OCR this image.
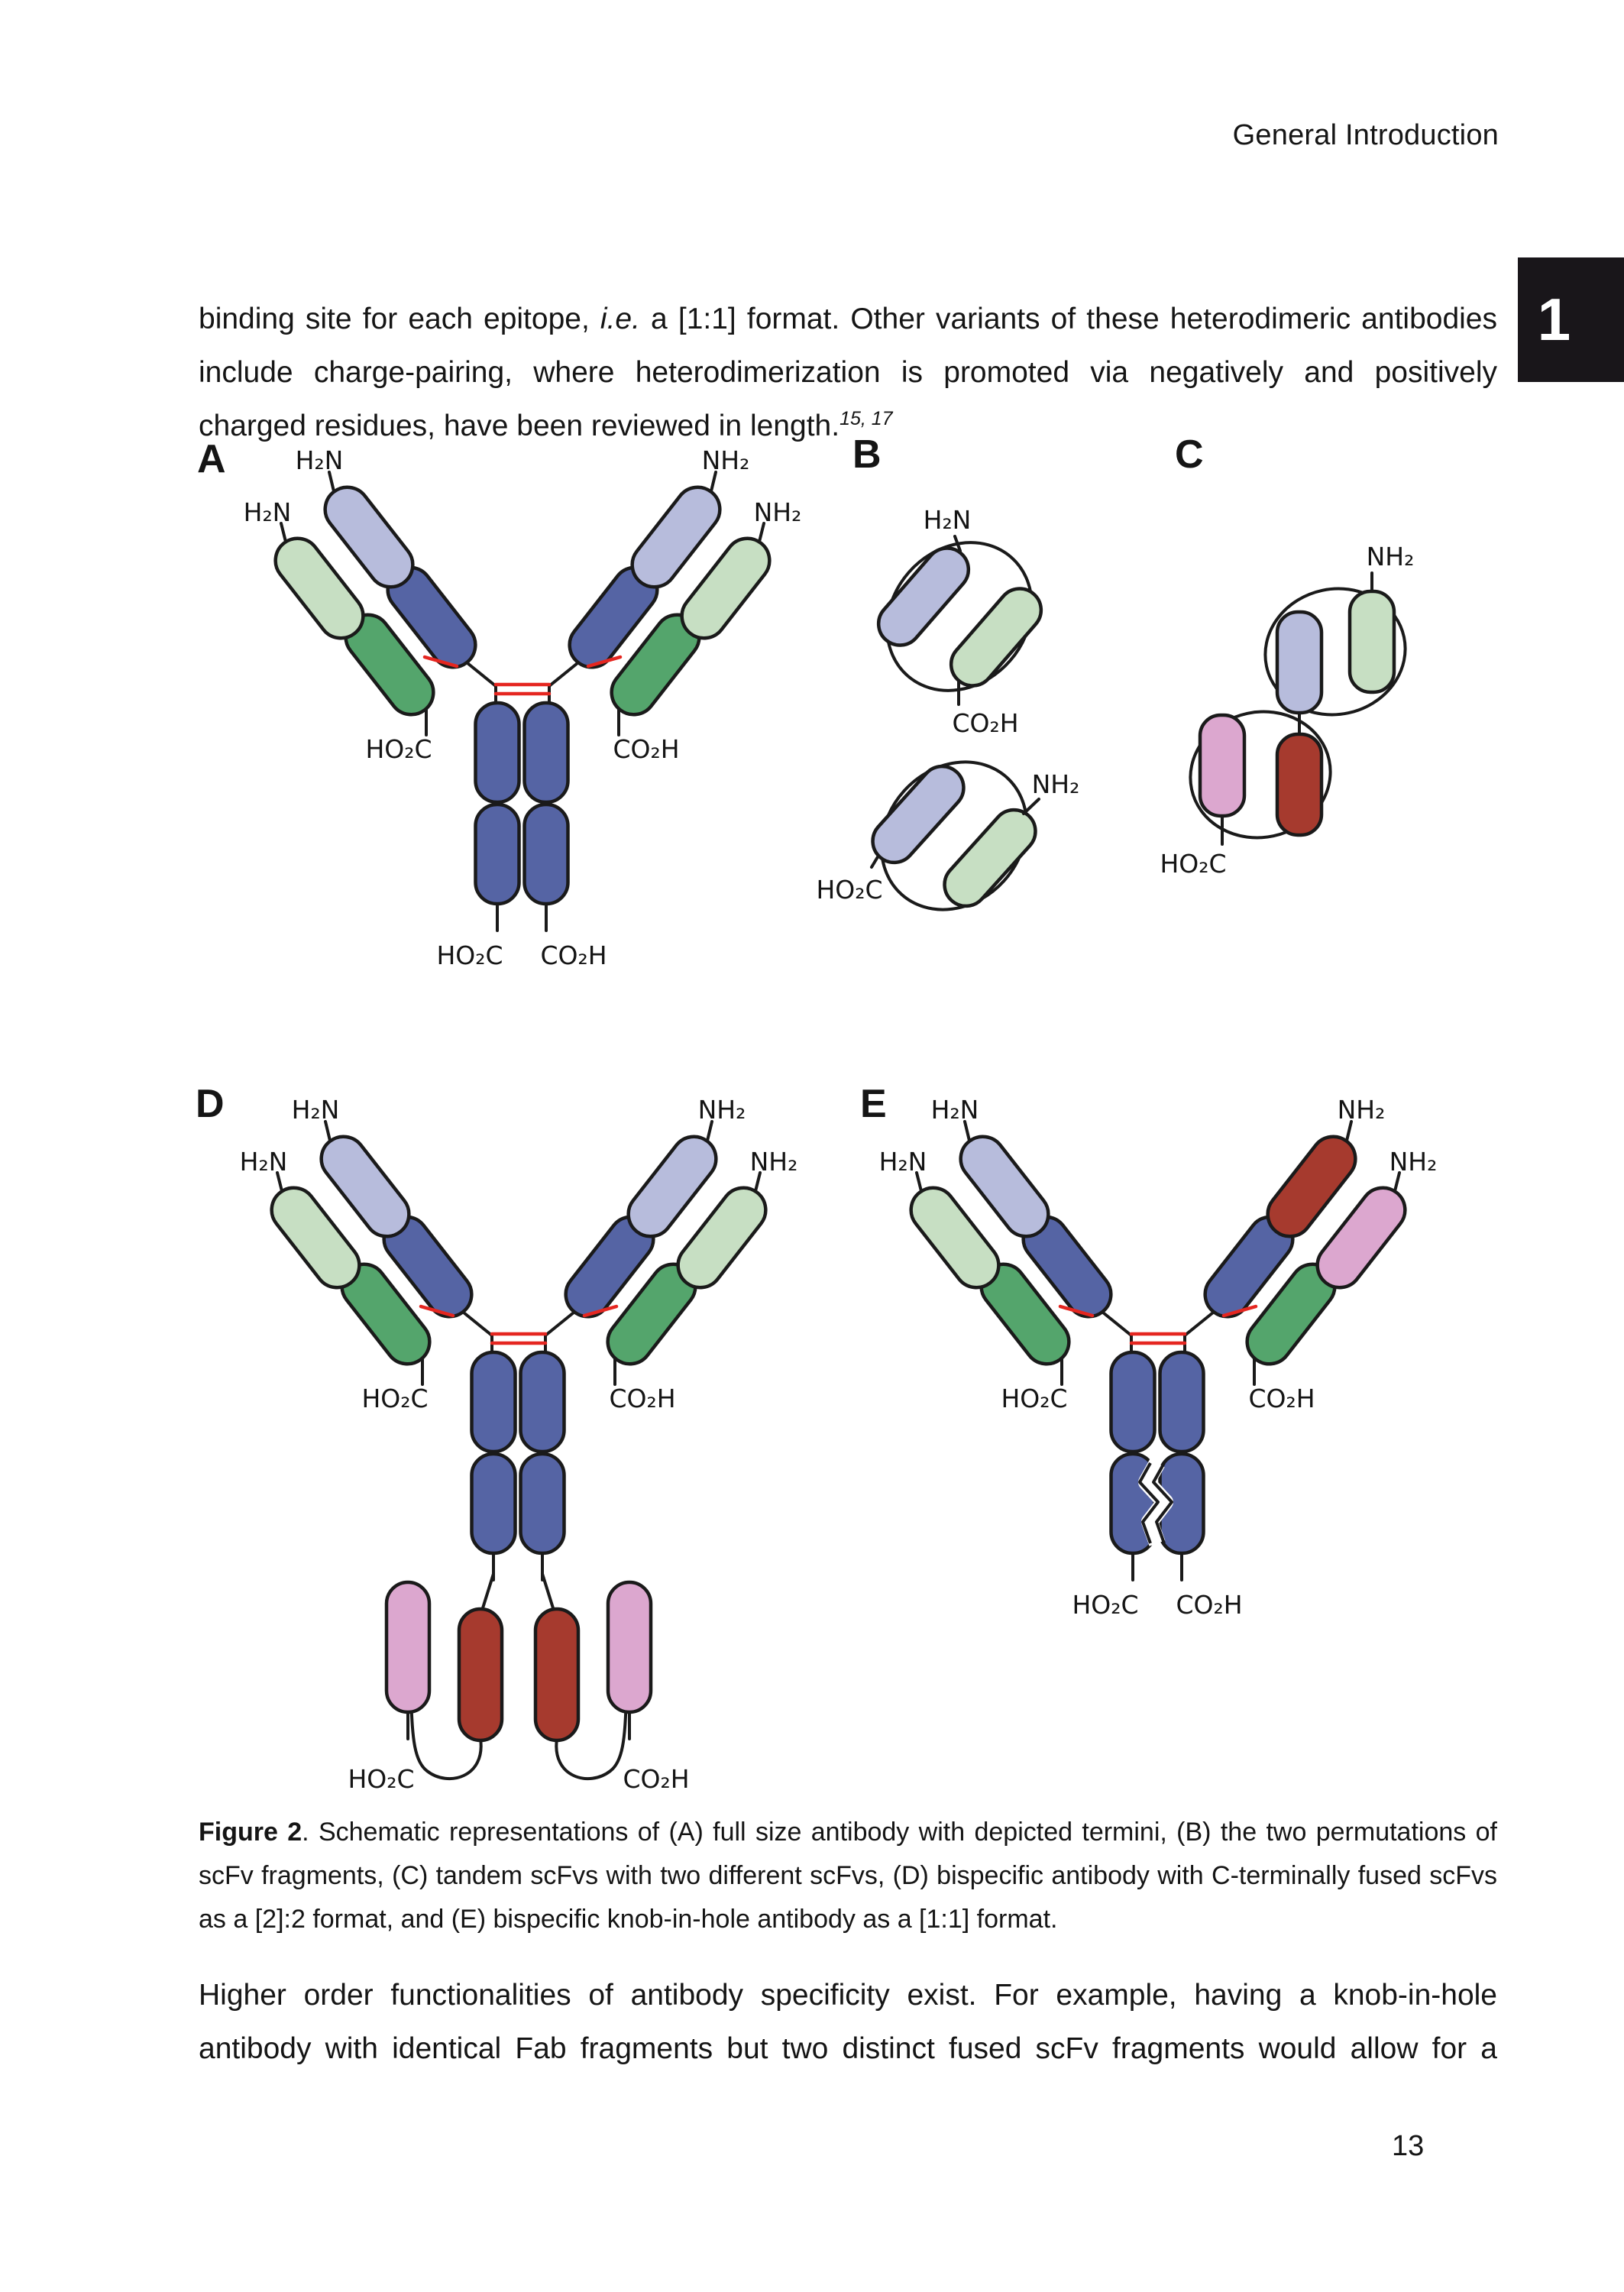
General Introduction
1

binding site for each epitope, i.e. a [1:1] format. Other variants of these heterodimeric antibodies include charge-pairing, where heterodimerization is promoted via negatively and positively charged residues, have been reviewed in length.$^{15, 17}$

A	H₂N
H₂N
NH₂
NH₂
HO₂C	CO₂H
HO₂C CO₂H
B
H₂N
CO₂H
NH₂
HO₂C
C
NH₂
HO₂C
D	H₂N
H₂N
NH₂
NH₂
HO₂C	CO₂H
HO₂C	CO₂H
E H₂N
H₂N
NH₂
NH₂
HO₂C	CO₂H
HO₂C CO₂H

Figure 2. Schematic representations of (A) full size antibody with depicted termini, (B) the two permutations of scFv fragments, (C) tandem scFvs with two different scFvs, (D) bispecific antibody with C-terminally fused scFvs as a [2]:2 format, and (E) bispecific knob-in-hole antibody as a [1:1] format.

Higher order functionalities of antibody specificity exist. For example, having a knob-in-hole antibody with identical Fab fragments but two distinct fused scFv fragments would allow for a

13
